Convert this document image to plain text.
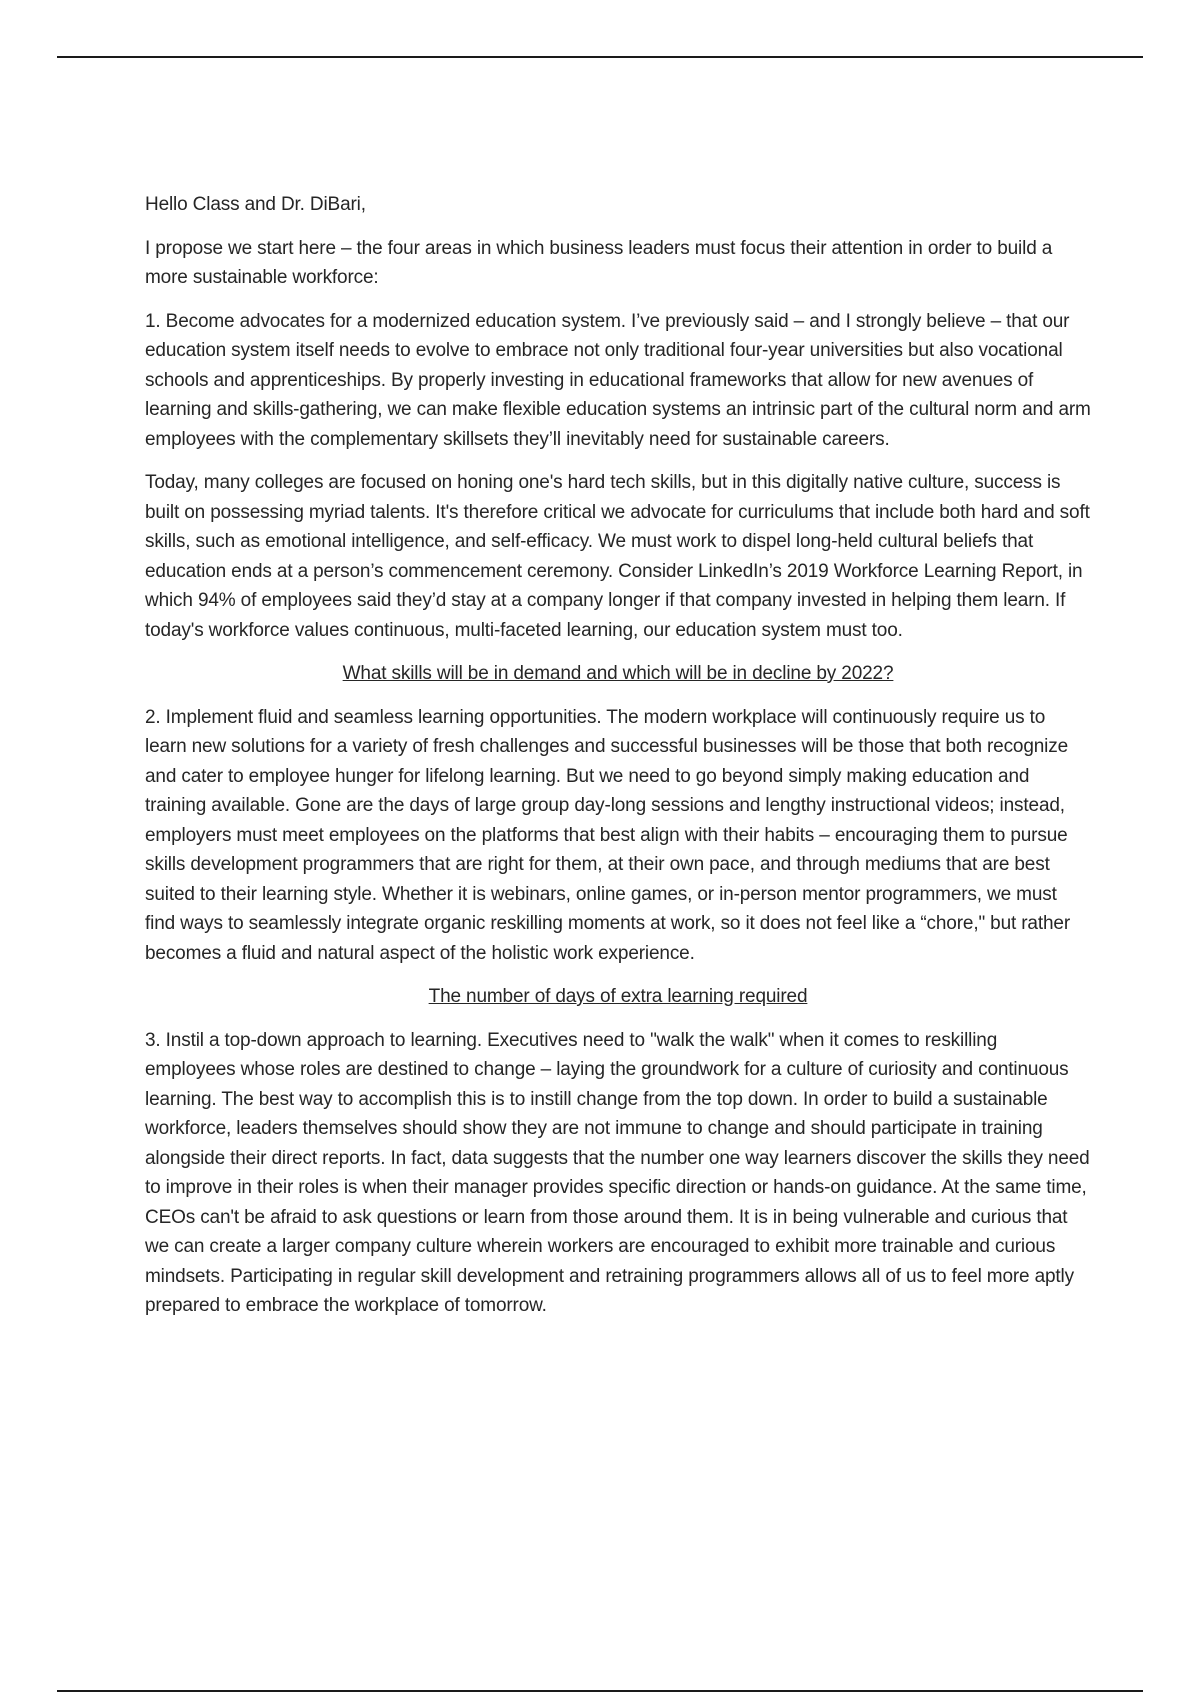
Hello Class and Dr. DiBari,

I propose we start here – the four areas in which business leaders must focus their attention in order to build a more sustainable workforce:

1. Become advocates for a modernized education system. I’ve previously said – and I strongly believe – that our education system itself needs to evolve to embrace not only traditional four-year universities but also vocational schools and apprenticeships. By properly investing in educational frameworks that allow for new avenues of learning and skills-gathering, we can make flexible education systems an intrinsic part of the cultural norm and arm employees with the complementary skillsets they’ll inevitably need for sustainable careers.

Today, many colleges are focused on honing one's hard tech skills, but in this digitally native culture, success is built on possessing myriad talents. It's therefore critical we advocate for curriculums that include both hard and soft skills, such as emotional intelligence, and self-efficacy. We must work to dispel long-held cultural beliefs that education ends at a person’s commencement ceremony. Consider LinkedIn’s 2019 Workforce Learning Report, in which 94% of employees said they’d stay at a company longer if that company invested in helping them learn. If today's workforce values continuous, multi-faceted learning, our education system must too.

What skills will be in demand and which will be in decline by 2022?

2. Implement fluid and seamless learning opportunities. The modern workplace will continuously require us to learn new solutions for a variety of fresh challenges and successful businesses will be those that both recognize and cater to employee hunger for lifelong learning. But we need to go beyond simply making education and training available. Gone are the days of large group day-long sessions and lengthy instructional videos; instead, employers must meet employees on the platforms that best align with their habits – encouraging them to pursue skills development programmers that are right for them, at their own pace, and through mediums that are best suited to their learning style. Whether it is webinars, online games, or in-person mentor programmers, we must find ways to seamlessly integrate organic reskilling moments at work, so it does not feel like a “chore," but rather becomes a fluid and natural aspect of the holistic work experience.

The number of days of extra learning required

3. Instil a top-down approach to learning. Executives need to "walk the walk" when it comes to reskilling employees whose roles are destined to change – laying the groundwork for a culture of curiosity and continuous learning. The best way to accomplish this is to instill change from the top down. In order to build a sustainable workforce, leaders themselves should show they are not immune to change and should participate in training alongside their direct reports. In fact, data suggests that the number one way learners discover the skills they need to improve in their roles is when their manager provides specific direction or hands-on guidance. At the same time, CEOs can't be afraid to ask questions or learn from those around them. It is in being vulnerable and curious that we can create a larger company culture wherein workers are encouraged to exhibit more trainable and curious mindsets. Participating in regular skill development and retraining programmers allows all of us to feel more aptly prepared to embrace the workplace of tomorrow.
